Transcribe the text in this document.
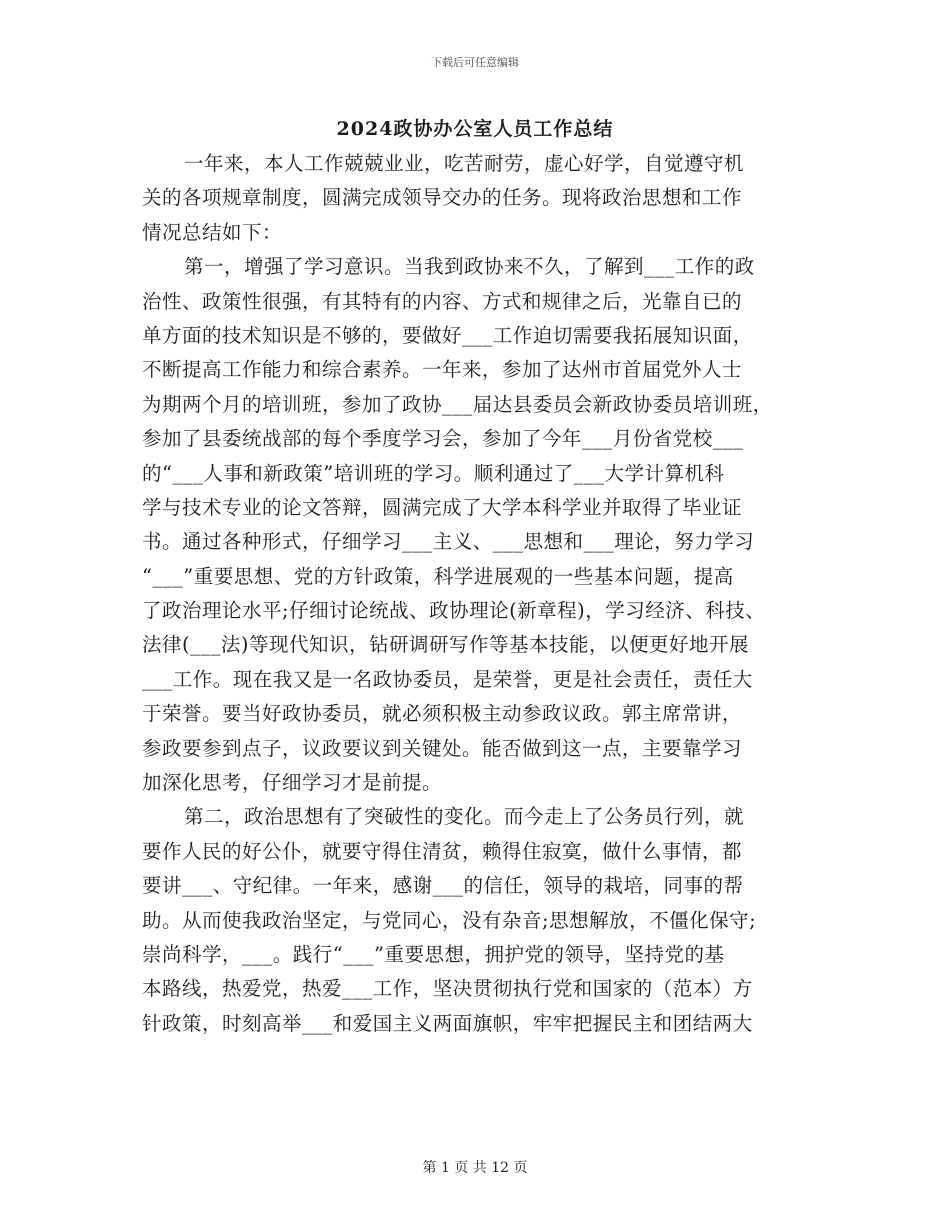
下载后可任意编辑
2024政协办公室人员工作总结
一年来，本人工作兢兢业业，吃苦耐劳，虚心好学，自觉遵守机
关的各项规章制度，圆满完成领导交办的任务。现将政治思想和工作
情况总结如下：
第一，增强了学习意识。当我到政协来不久，了解到___工作的政
治性、政策性很强，有其特有的内容、方式和规律之后，光靠自已的
单方面的技术知识是不够的，要做好___工作迫切需要我拓展知识面，
不断提高工作能力和综合素养。一年来，参加了达州市首届党外人士
为期两个月的培训班，参加了政协___届达县委员会新政协委员培训班，
参加了县委统战部的每个季度学习会，参加了今年___月份省党校___
的“___人事和新政策”培训班的学习。顺利通过了___大学计算机科
学与技术专业的论文答辩，圆满完成了大学本科学业并取得了毕业证
书。通过各种形式，仔细学习___主义、___思想和___理论，努力学习
“___”重要思想、党的方针政策，科学进展观的一些基本问题，提高
了政治理论水平;仔细讨论统战、政协理论(新章程)，学习经济、科技、
法律(___法)等现代知识，钻研调研写作等基本技能，以便更好地开展
___工作。现在我又是一名政协委员，是荣誉，更是社会责任，责任大
于荣誉。要当好政协委员，就必须积极主动参政议政。郭主席常讲，
参政要参到点子，议政要议到关键处。能否做到这一点，主要靠学习
加深化思考，仔细学习才是前提。
第二，政治思想有了突破性的变化。而今走上了公务员行列，就
要作人民的好公仆，就要守得住清贫，赖得住寂寞，做什么事情，都
要讲___、守纪律。一年来，感谢___的信任，领导的栽培，同事的帮
助。从而使我政治坚定，与党同心，没有杂音;思想解放，不僵化保守;
崇尚科学，___。践行“___”重要思想，拥护党的领导，坚持党的基
本路线，热爱党，热爱___工作，坚决贯彻执行党和国家的（范本）方
针政策，时刻高举___和爱国主义两面旗帜，牢牢把握民主和团结两大
第 1 页 共 12 页
